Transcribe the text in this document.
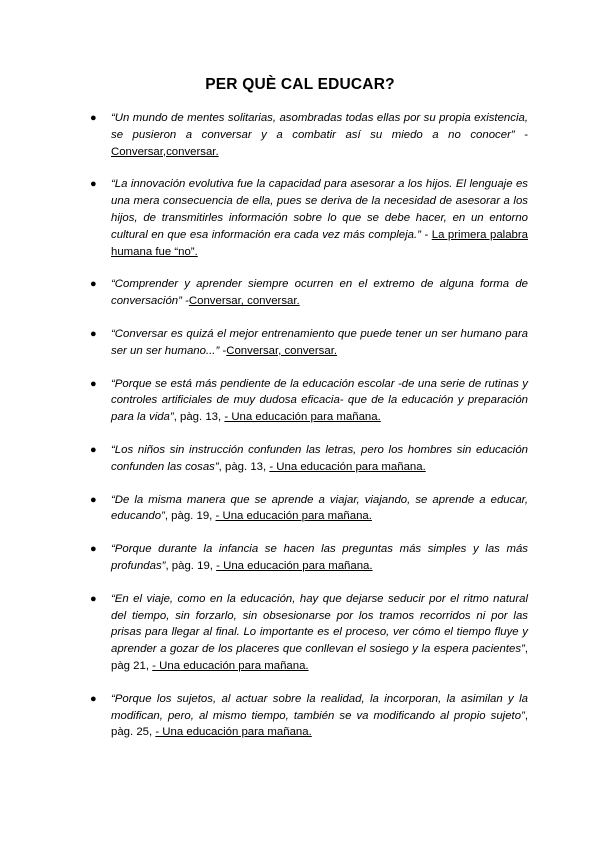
PER QUÈ CAL EDUCAR?
● “Un mundo de mentes solitarias, asombradas todas ellas por su propia existencia, se pusieron a conversar y a combatir así su miedo a no conocer” - Conversar,conversar.
● “La innovación evolutiva fue la capacidad para asesorar a los hijos. El lenguaje es una mera consecuencia de ella, pues se deriva de la necesidad de asesorar a los hijos, de transmitirles información sobre lo que se debe hacer, en un entorno cultural en que esa información era cada vez más compleja.” - La primera palabra humana fue “no”.
● “Comprender y aprender siempre ocurren en el extremo de alguna forma de conversación” -Conversar, conversar.
● “Conversar es quizá el mejor entrenamiento que puede tener un ser humano para ser un ser humano...” -Conversar, conversar.
● “Porque se está más pendiente de la educación escolar -de una serie de rutinas y controles artificiales de muy dudosa eficacia- que de la educación y preparación para la vida”, pàg. 13, - Una educación para mañana.
● “Los niños sin instrucción confunden las letras, pero los hombres sin educación confunden las cosas”, pàg. 13, - Una educación para mañana.
● “De la misma manera que se aprende a viajar, viajando, se aprende a educar, educando”, pàg. 19, - Una educación para mañana.
● “Porque durante la infancia se hacen las preguntas más simples y las más profundas”, pàg. 19, - Una educación para mañana.
● “En el viaje, como en la educación, hay que dejarse seducir por el ritmo natural del tiempo, sin forzarlo, sin obsesionarse por los tramos recorridos ni por las prisas para llegar al final. Lo importante es el proceso, ver cómo el tiempo fluye y aprender a gozar de los placeres que conllevan el sosiego y la espera pacientes”, pàg 21, - Una educación para mañana.
● “Porque los sujetos, al actuar sobre la realidad, la incorporan, la asimilan y la modifican, pero, al mismo tiempo, también se va modificando al propio sujeto”, pàg. 25, - Una educación para mañana.
